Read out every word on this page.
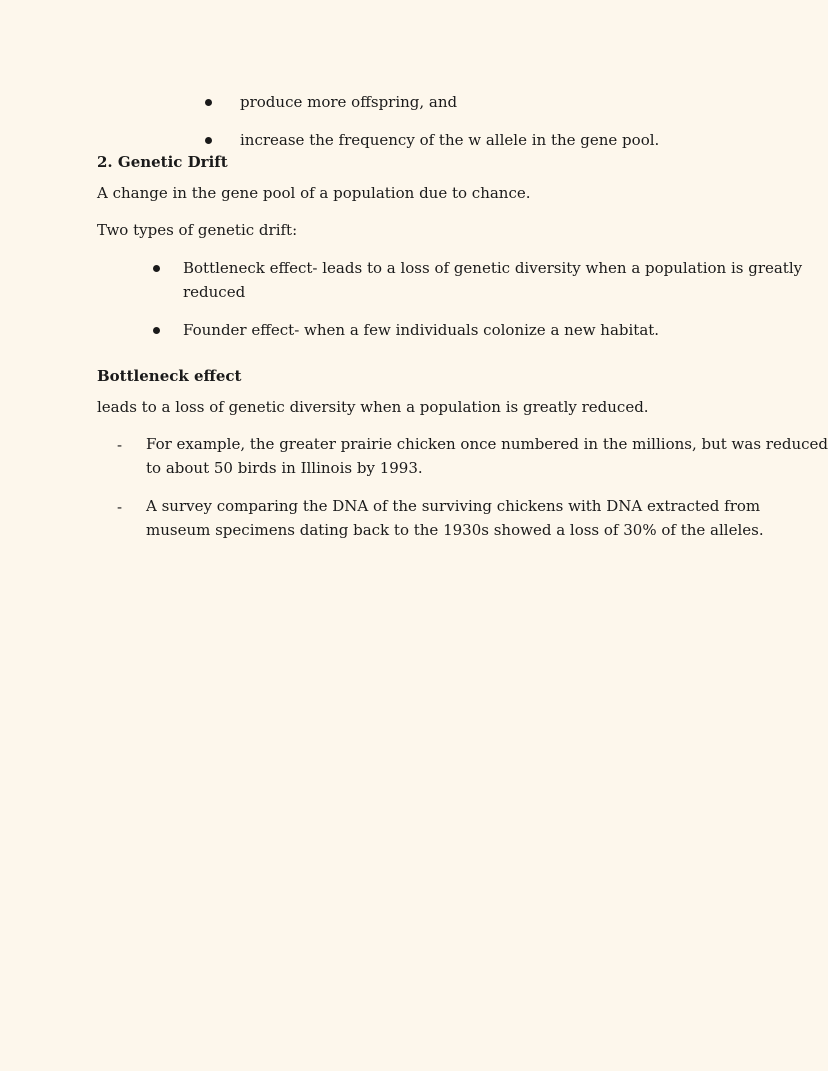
produce more offspring, and
increase the frequency of the w allele in the gene pool.
2. Genetic Drift
A change in the gene pool of a population due to chance.
Two types of genetic drift:
Bottleneck effect- leads to a loss of genetic diversity when a population is greatly
reduced
Founder effect- when a few individuals colonize a new habitat.
Bottleneck effect
leads to a loss of genetic diversity when a population is greatly reduced.
- For example, the greater prairie chicken once numbered in the millions, but was reduced
to about 50 birds in Illinois by 1993.
- A survey comparing the DNA of the surviving chickens with DNA extracted from
museum specimens dating back to the 1930s showed a loss of 30% of the alleles.
